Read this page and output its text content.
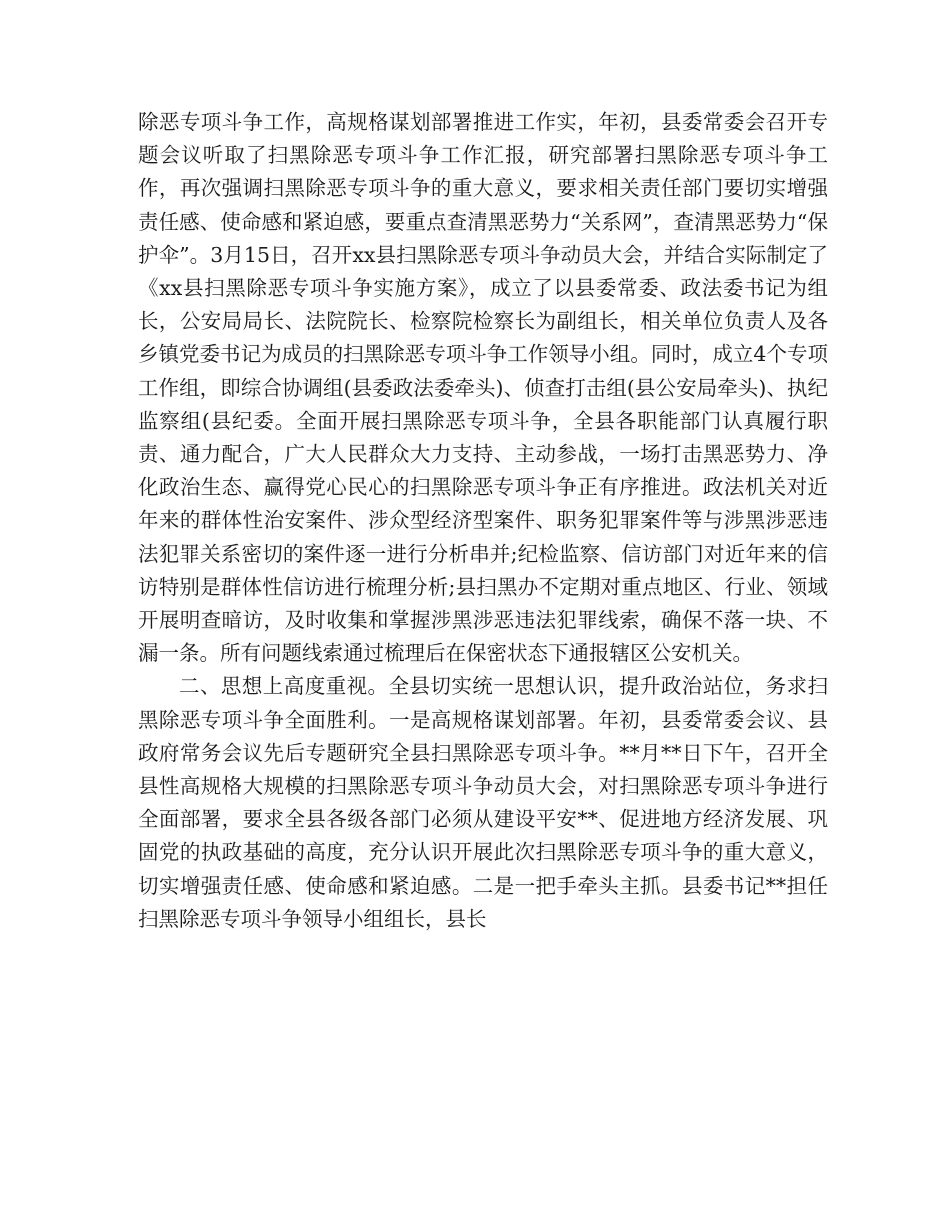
除恶专项斗争工作，高规格谋划部署推进工作实，年初，县委常委会召开专题会议听取了扫黑除恶专项斗争工作汇报，研究部署扫黑除恶专项斗争工作，再次强调扫黑除恶专项斗争的重大意义，要求相关责任部门要切实增强责任感、使命感和紧迫感，要重点查清黑恶势力“关系网”，查清黑恶势力“保护伞”。3月15日，召开xx县扫黑除恶专项斗争动员大会，并结合实际制定了《xx县扫黑除恶专项斗争实施方案》，成立了以县委常委、政法委书记为组长，公安局局长、法院院长、检察院检察长为副组长，相关单位负责人及各乡镇党委书记为成员的扫黑除恶专项斗争工作领导小组。同时，成立4个专项工作组，即综合协调组(县委政法委牵头)、侦查打击组(县公安局牵头)、执纪监察组(县纪委。全面开展扫黑除恶专项斗争，全县各职能部门认真履行职责、通力配合，广大人民群众大力支持、主动参战，一场打击黑恶势力、净化政治生态、赢得党心民心的扫黑除恶专项斗争正有序推进。政法机关对近年来的群体性治安案件、涉众型经济型案件、职务犯罪案件等与涉黑涉恶违法犯罪关系密切的案件逐一进行分析串并;纪检监察、信访部门对近年来的信访特别是群体性信访进行梳理分析;县扫黑办不定期对重点地区、行业、领域开展明查暗访，及时收集和掌握涉黑涉恶违法犯罪线索，确保不落一块、不漏一条。所有问题线索通过梳理后在保密状态下通报辖区公安机关。

二、思想上高度重视。全县切实统一思想认识，提升政治站位，务求扫黑除恶专项斗争全面胜利。一是高规格谋划部署。年初，县委常委会议、县政府常务会议先后专题研究全县扫黑除恶专项斗争。**月**日下午，召开全县性高规格大规模的扫黑除恶专项斗争动员大会，对扫黑除恶专项斗争进行全面部署，要求全县各级各部门必须从建设平安**、促进地方经济发展、巩固党的执政基础的高度，充分认识开展此次扫黑除恶专项斗争的重大意义，切实增强责任感、使命感和紧迫感。二是一把手牵头主抓。县委书记**担任扫黑除恶专项斗争领导小组组长，县长
